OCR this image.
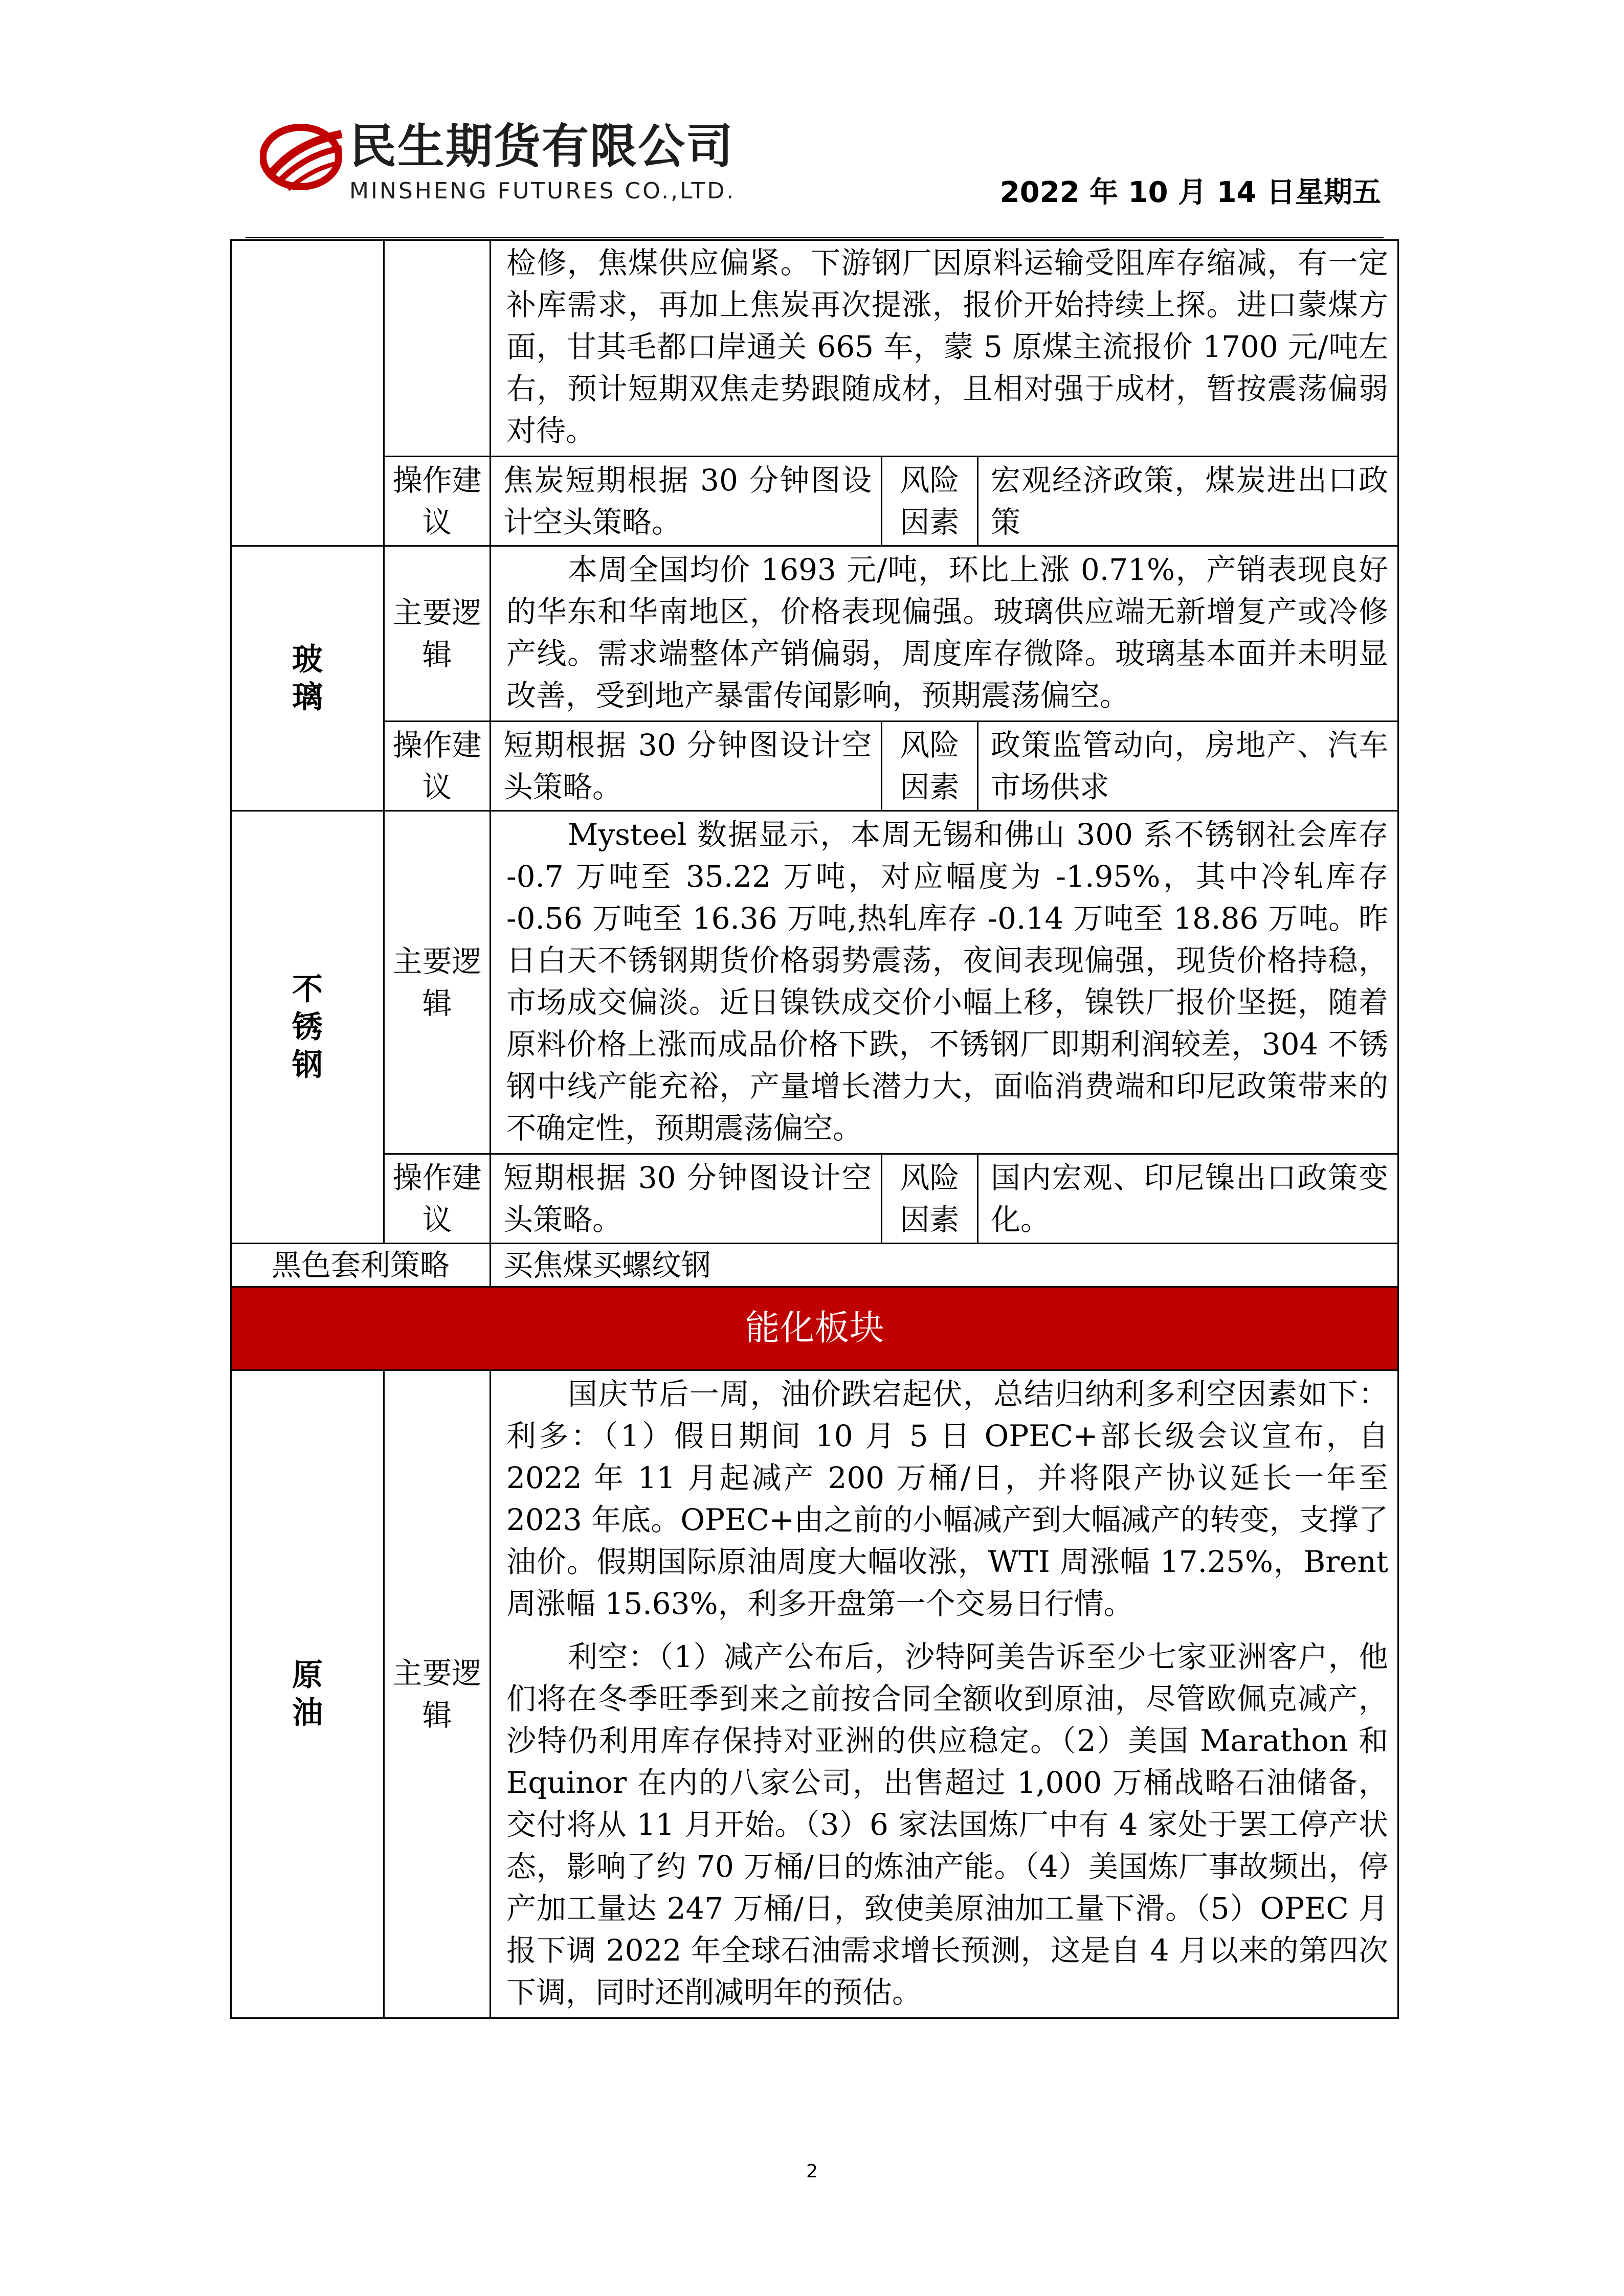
民生期货有限公司
MINSHENG FUTURES CO.,LTD.	2022 年 10 月 14 日星期五

		检修，焦煤供应偏紧。下游钢厂因原料运输受阻库存缩减，有一定补库需求，再加上焦炭再次提涨，报价开始持续上探。进口蒙煤方面，甘其毛都口岸通关 665 车，蒙 5 原煤主流报价 1700 元/吨左右，预计短期双焦走势跟随成材，且相对强于成材，暂按震荡偏弱对待。		

	操作建议	焦炭短期根据 30 分钟图设计空头策略。	风险因素	宏观经济政策，煤炭进出口政策

玻璃	主要逻辑	本周全国均价 1693 元/吨，环比上涨 0.71%，产销表现良好的华东和华南地区，价格表现偏强。玻璃供应端无新增复产或冷修产线。需求端整体产销偏弱，周度库存微降。玻璃基本面并未明显改善，受到地产暴雷传闻影响，预期震荡偏空。		

	操作建议	短期根据 30 分钟图设计空头策略。	风险因素	政策监管动向，房地产、汽车市场供求

不锈钢	主要逻辑	Mysteel 数据显示，本周无锡和佛山 300 系不锈钢社会库存 -0.7 万吨至 35.22 万吨，对应幅度为 -1.95%，其中冷轧库存 -0.56 万吨至 16.36 万吨,热轧库存 -0.14 万吨至 18.86 万吨。昨日白天不锈钢期货价格弱势震荡，夜间表现偏强，现货价格持稳，市场成交偏淡。近日镍铁成交价小幅上移，镍铁厂报价坚挺，随着原料价格上涨而成品价格下跌，不锈钢厂即期利润较差，304 不锈钢中线产能充裕，产量增长潜力大，面临消费端和印尼政策带来的不确定性，预期震荡偏空。		

	操作建议	短期根据 30 分钟图设计空头策略。	风险因素	国内宏观、印尼镍出口政策变化。

黑色套利策略		买焦煤买螺纹钢		

能化板块				

原油	主要逻辑	国庆节后一周，油价跌宕起伏，总结归纳利多利空因素如下：利多：（1）假日期间 10 月 5 日 OPEC+部长级会议宣布，自 2022 年 11 月起减产 200 万桶/日，并将限产协议延长一年至 2023 年底。OPEC+由之前的小幅减产到大幅减产的转变，支撑了油价。假期国际原油周度大幅收涨，WTI 周涨幅 17.25%，Brent 周涨幅 15.63%，利多开盘第一个交易日行情。

利空：（1）减产公布后，沙特阿美告诉至少七家亚洲客户，他们将在冬季旺季到来之前按合同全额收到原油，尽管欧佩克减产，沙特仍利用库存保持对亚洲的供应稳定。（2）美国 Marathon 和 Equinor 在内的八家公司，出售超过 1,000 万桶战略石油储备，交付将从 11 月开始。（3）6 家法国炼厂中有 4 家处于罢工停产状态，影响了约 70 万桶/日的炼油产能。（4）美国炼厂事故频出，停产加工量达 247 万桶/日，致使美原油加工量下滑。（5）OPEC 月报下调 2022 年全球石油需求增长预测，这是自 4 月以来的第四次下调，同时还削减明年的预估。		

2
